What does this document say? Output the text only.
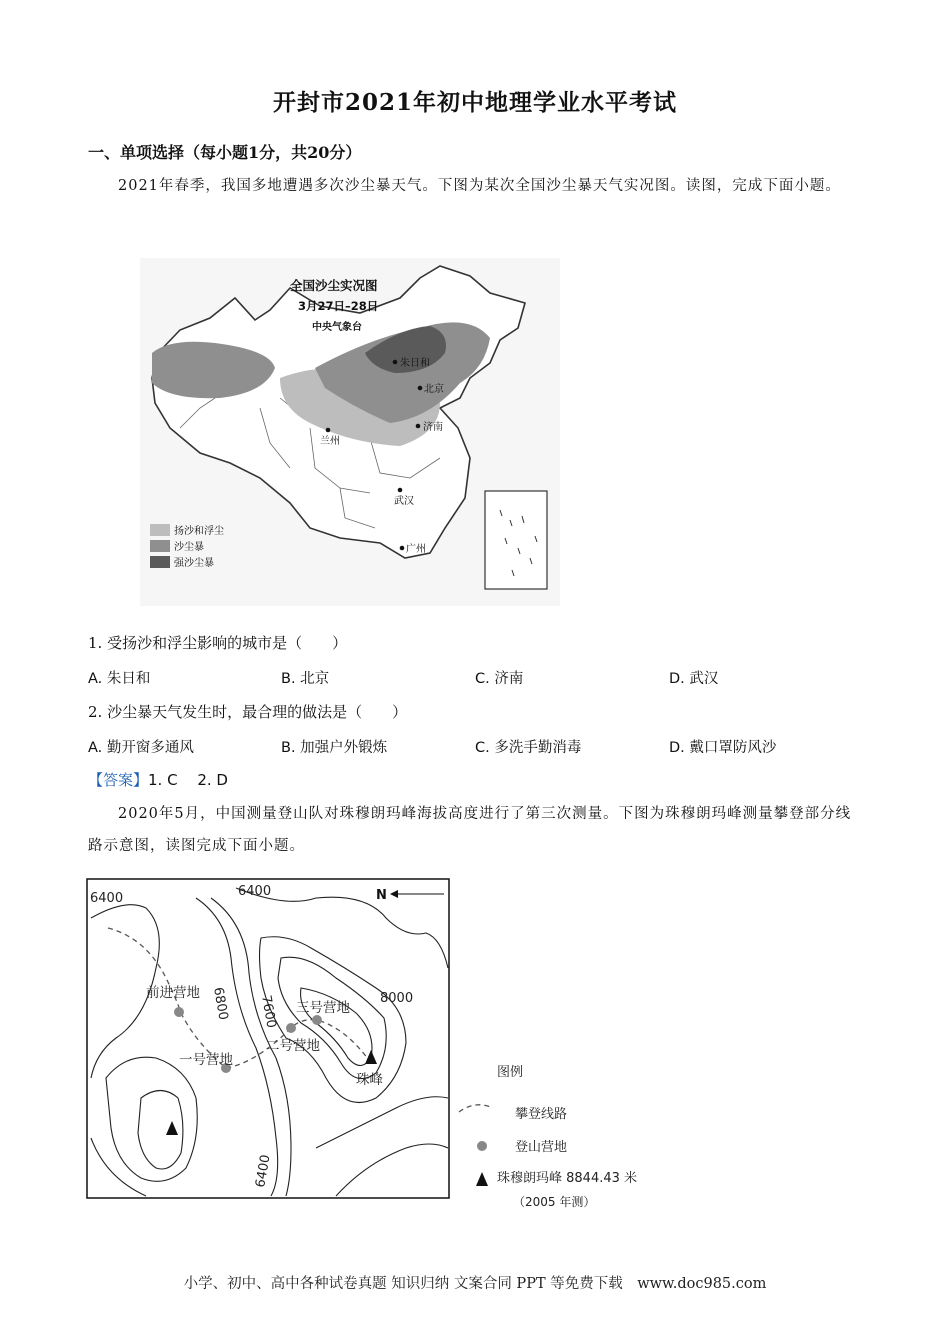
开封市2021年初中地理学业水平考试
一、单项选择（每小题1分，共20分）
2021年春季，我国多地遭遇多次沙尘暴天气。下图为某次全国沙尘暴天气实况图。读图，完成下面小题。
朱日和
北京
济南
兰州
武汉
广州
全国沙尘实况图
3月27日–28日
中央气象台
扬沙和浮尘
沙尘暴
强沙尘暴
1. 受扬沙和浮尘影响的城市是（　　）
A. 朱日和	B. 北京	C. 济南	D. 武汉
2. 沙尘暴天气发生时，最合理的做法是（　　）
A. 勤开窗多通风	B. 加强户外锻炼	C. 多洗手勤消毒	D. 戴口罩防风沙
【答案】1. C　 2. D
2020年5月，中国测量登山队对珠穆朗玛峰海拔高度进行了第三次测量。下图为珠穆朗玛峰测量攀登部分线路示意图，读图完成下面小题。
N
6400	6400
6800 7600	8000
6400
前进营地
一号营地
二号营地
三号营地
珠峰	图例
攀登线路
登山营地
珠穆朗玛峰 8844.43 米
（2005 年测）
小学、初中、高中各种试卷真题 知识归纳 文案合同 PPT 等免费下载　www.doc985.com
